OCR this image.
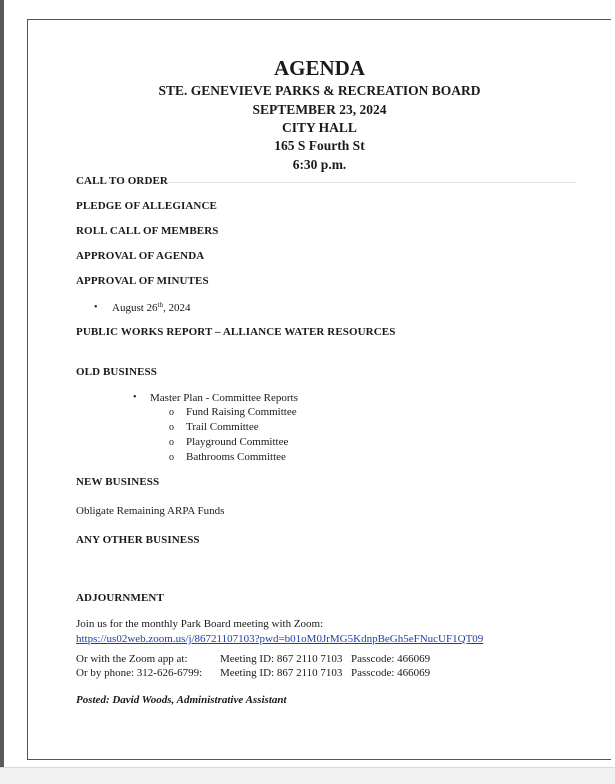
AGENDA
STE. GENEVIEVE PARKS & RECREATION BOARD
SEPTEMBER 23, 2024
CITY HALL
165 S Fourth St
6:30 p.m.
CALL TO ORDER
PLEDGE OF ALLEGIANCE
ROLL CALL OF MEMBERS
APPROVAL OF AGENDA
APPROVAL OF MINUTES
• August 26th, 2024
PUBLIC WORKS REPORT – ALLIANCE WATER RESOURCES
OLD BUSINESS
• Master Plan - Committee Reports
o Fund Raising Committee
o Trail Committee
o Playground Committee
o Bathrooms Committee
NEW BUSINESS
Obligate Remaining ARPA Funds
ANY OTHER BUSINESS
ADJOURNMENT
Join us for the monthly Park Board meeting with Zoom:
https://us02web.zoom.us/j/86721107103?pwd=b01oM0JrMG5KdnpBeGh5eFNucUF1QT09
Or with the Zoom app at:	Meeting ID: 867 2110 7103 Passcode: 466069
Or by phone: 312-626-6799: Meeting ID: 867 2110 7103 Passcode: 466069
Posted: David Woods, Administrative Assistant
